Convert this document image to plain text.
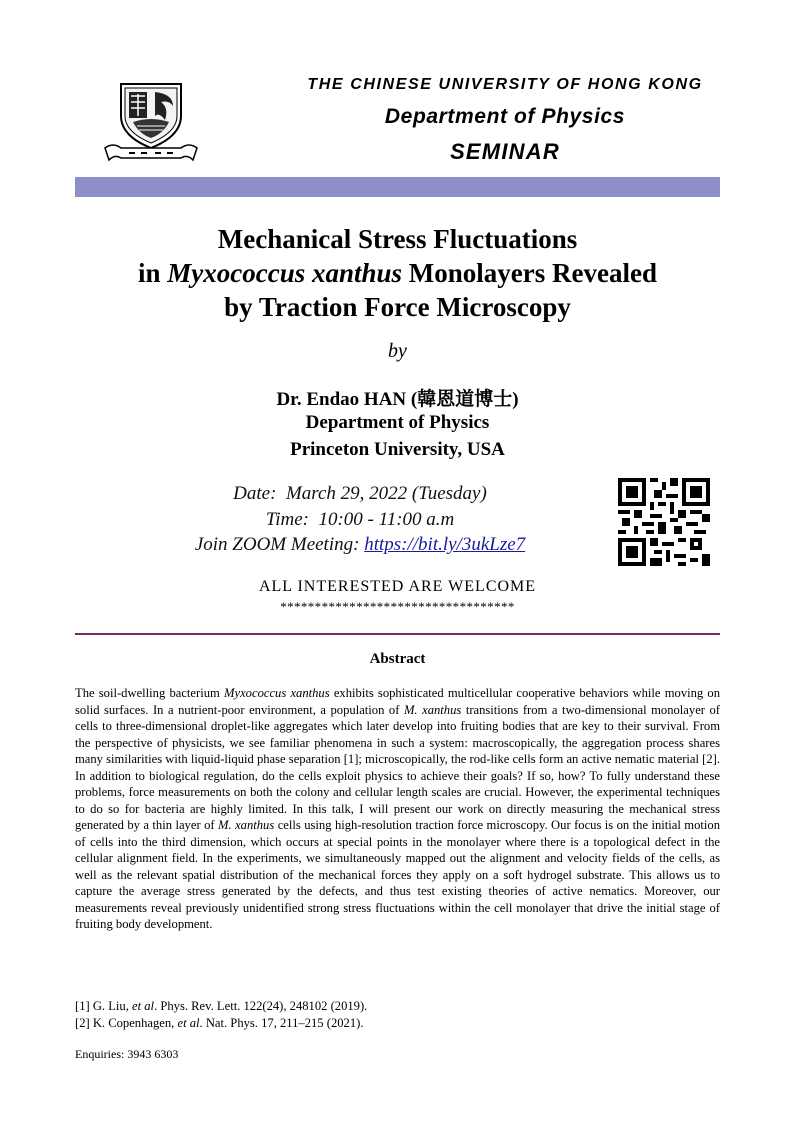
THE CHINESE UNIVERSITY OF HONG KONG
Department of Physics
SEMINAR
Mechanical Stress Fluctuations
in Myxococcus xanthus Monolayers Revealed
by Traction Force Microscopy
by
Dr. Endao HAN (韓恩道博士)
Department of Physics
Princeton University, USA
Date: March 29, 2022 (Tuesday)
Time: 10:00 - 11:00 a.m
Join ZOOM Meeting: https://bit.ly/3ukLze7
ALL INTERESTED ARE WELCOME
**********************************
Abstract

The soil-dwelling bacterium Myxococcus xanthus exhibits sophisticated multicellular cooperative behaviors while moving on solid surfaces. In a nutrient-poor environment, a population of M. xanthus transitions from a two-dimensional monolayer of cells to three-dimensional droplet-like aggregates which later develop into fruiting bodies that are key to their survival. From the perspective of physicists, we see familiar phenomena in such a system: macroscopically, the aggregation process shares many similarities with liquid-liquid phase separation [1]; microscopically, the rod-like cells form an active nematic material [2]. In addition to biological regulation, do the cells exploit physics to achieve their goals? If so, how? To fully understand these problems, force measurements on both the colony and cellular length scales are crucial. However, the experimental techniques to do so for bacteria are highly limited. In this talk, I will present our work on directly measuring the mechanical stress generated by a thin layer of M. xanthus cells using high-resolution traction force microscopy. Our focus is on the initial motion of cells into the third dimension, which occurs at special points in the monolayer where there is a topological defect in the cellular alignment field. In the experiments, we simultaneously mapped out the alignment and velocity fields of the cells, as well as the relevant spatial distribution of the mechanical forces they apply on a soft hydrogel substrate. This allows us to capture the average stress generated by the defects, and thus test existing theories of active nematics. Moreover, our measurements reveal previously unidentified strong stress fluctuations within the cell monolayer that drive the initial stage of fruiting body development.

[1] G. Liu, et al. Phys. Rev. Lett. 122(24), 248102 (2019).
[2] K. Copenhagen, et al. Nat. Phys. 17, 211–215 (2021).
Enquiries: 3943 6303
